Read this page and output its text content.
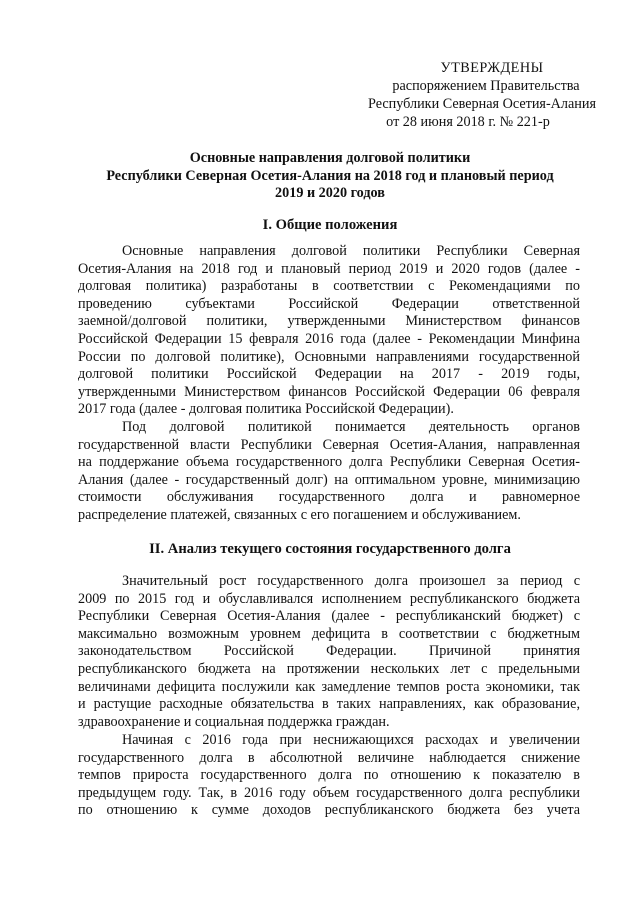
УТВЕРЖДЕНЫ
распоряжением Правительства
Республики Северная Осетия-Алания
от 28 июня 2018 г. № 221-р
Основные направления долговой политики
Республики Северная Осетия-Алания на 2018 год и плановый период
2019 и 2020 годов
I. Общие положения
Основные направления долговой политики Республики Северная
Осетия-Алания на 2018 год и плановый период 2019 и 2020 годов (далее -
долговая политика) разработаны в соответствии с Рекомендациями по
проведению субъектами Российской Федерации ответственной
заемной/долговой политики, утвержденными Министерством финансов
Российской Федерации 15 февраля 2016 года (далее - Рекомендации Минфина
России по долговой политике), Основными направлениями государственной
долговой политики Российской Федерации на 2017 - 2019 годы,
утвержденными Министерством финансов Российской Федерации 06 февраля
2017 года (далее - долговая политика Российской Федерации).
Под долговой политикой понимается деятельность органов
государственной власти Республики Северная Осетия-Алания, направленная
на поддержание объема государственного долга Республики Северная Осетия-
Алания (далее - государственный долг) на оптимальном уровне, минимизацию
стоимости обслуживания государственного долга и равномерное
распределение платежей, связанных с его погашением и обслуживанием.
II. Анализ текущего состояния государственного долга
Значительный рост государственного долга произошел за период с
2009 по 2015 год и обуславливался исполнением республиканского бюджета
Республики Северная Осетия-Алания (далее - республиканский бюджет) с
максимально возможным уровнем дефицита в соответствии с бюджетным
законодательством Российской Федерации. Причиной принятия
республиканского бюджета на протяжении нескольких лет с предельными
величинами дефицита послужили как замедление темпов роста экономики, так
и растущие расходные обязательства в таких направлениях, как образование,
здравоохранение и социальная поддержка граждан.
Начиная с 2016 года при неснижающихся расходах и увеличении
государственного долга в абсолютной величине наблюдается снижение
темпов прироста государственного долга по отношению к показателю в
предыдущем году. Так, в 2016 году объем государственного долга республики
по отношению к сумме доходов республиканского бюджета без учета
